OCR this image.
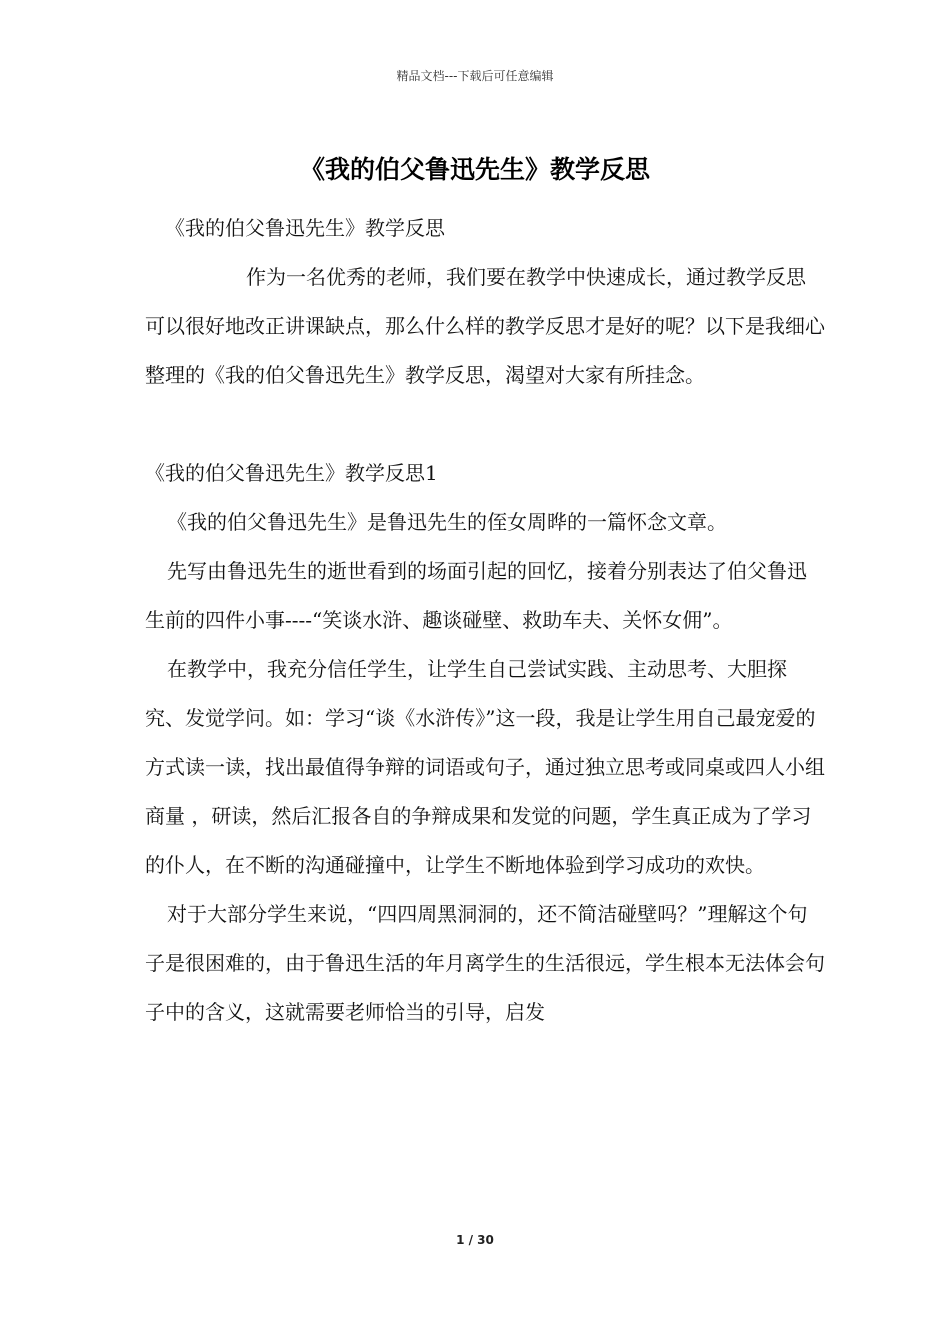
精品文档---下载后可任意编辑
《我的伯父鲁迅先生》教学反思

《我的伯父鲁迅先生》教学反思

作为一名优秀的老师，我们要在教学中快速成长，通过教学反思可以很好地改正讲课缺点，那么什么样的教学反思才是好的呢？以下是我细心整理的《我的伯父鲁迅先生》教学反思，渴望对大家有所挂念。

《我的伯父鲁迅先生》教学反思1

《我的伯父鲁迅先生》是鲁迅先生的侄女周晔的一篇怀念文章。

先写由鲁迅先生的逝世看到的场面引起的回忆，接着分别表达了伯父鲁迅生前的四件小事----“笑谈水浒、趣谈碰壁、救助车夫、关怀女佣”。

在教学中，我充分信任学生，让学生自己尝试实践、主动思考、大胆探究、发觉学问。如：学习“谈《水浒传》”这一段，我是让学生用自己最宠爱的方式读一读，找出最值得争辩的词语或句子，通过独立思考或同桌或四人小组商量 ，研读，然后汇报各自的争辩成果和发觉的问题，学生真正成为了学习的仆人，在不断的沟通碰撞中，让学生不断地体验到学习成功的欢快。

对于大部分学生来说，“四四周黑洞洞的，还不简洁碰壁吗？”理解这个句子是很困难的，由于鲁迅生活的年月离学生的生活很远，学生根本无法体会句子中的含义，这就需要老师恰当的引导，启发

1 / 30
